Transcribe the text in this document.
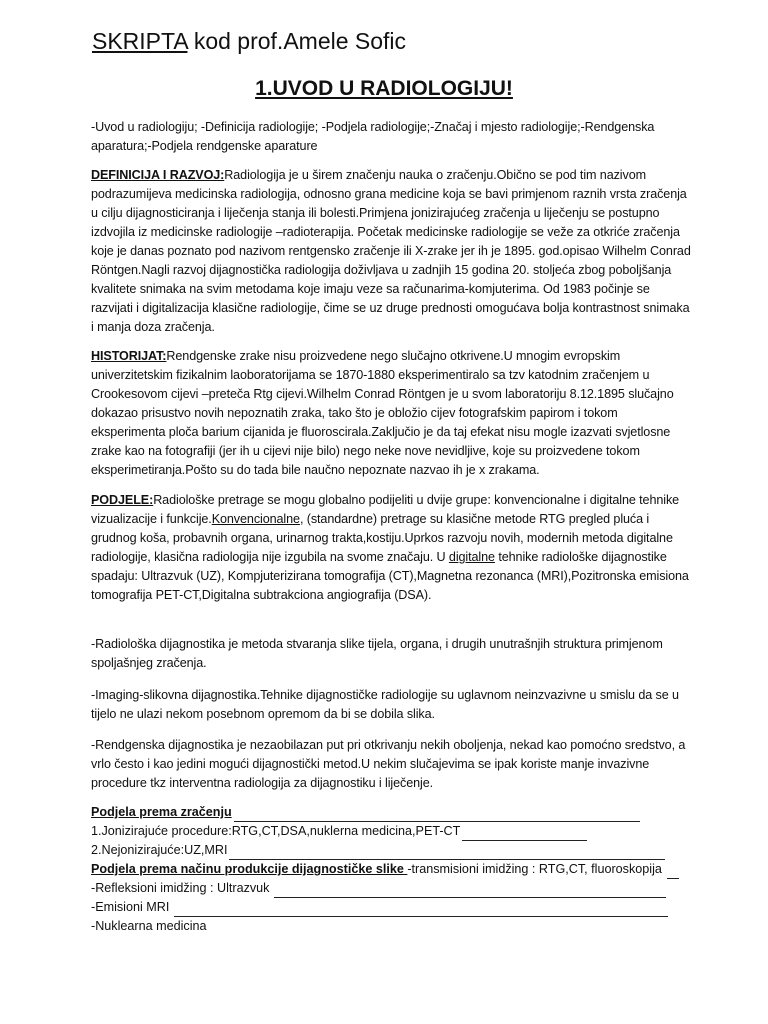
SKRIPTA kod prof.Amele Sofic
1.UVOD U RADIOLOGIJU!
-Uvod u radiologiju; -Definicija radiologije; -Podjela radiologije;-Značaj i mjesto radiologije;-Rendgenska aparatura;-Podjela rendgenske aparature
DEFINICIJA I RAZVOJ:Radiologija je u širem značenju nauka o zračenju.Obično se pod tim nazivom podrazumijeva medicinska radiologija, odnosno grana medicine koja se bavi primjenom raznih vrsta zračenja u cilju dijagnosticiranja i liječenja stanja ili bolesti.Primjena jonizirajućeg zračenja u liječenju se postupno izdvojila iz medicinske radiologije –radioterapija. Početak medicinske radiologije se veže za otkriće zračenja koje je danas poznato pod nazivom rentgensko zračenje ili X-zrake jer ih je 1895. god.opisao Wilhelm Conrad Röntgen.Nagli razvoj dijagnostička radiologija doživljava u zadnjih 15 godina 20. stoljeća zbog poboljšanja kvalitete snimaka na svim metodama koje imaju veze sa računarima-komjuterima. Od 1983 počinje se razvijati i digitalizacija klasične radiologije, čime se uz druge prednosti omogućava bolja kontrastnost snimaka i manja doza zračenja.
HISTORIJAT:Rendgenske zrake nisu proizvedene nego slučajno otkrivene.U mnogim evropskim univerzitetskim fizikalnim laoboratorijama se 1870-1880 eksperimentiralo sa tzv katodnim zračenjem u Crookesovom cijevi –preteča Rtg cijevi.Wilhelm Conrad Röntgen je u svom laboratoriju 8.12.1895 slučajno dokazao prisustvo novih nepoznatih zraka, tako što je obložio cijev fotografskim papirom i tokom eksperimenta ploča barium cijanida je fluoroscirala.Zaključio je da taj efekat nisu mogle izazvati svjetlosne zrake kao na fotografiji (jer ih u cijevi nije bilo) nego neke nove nevidljive, koje su proizvedene tokom eksperimetiranja.Pošto su do tada bile naučno nepoznate nazvao ih je x zrakama.
PODJELE:Radiološke pretrage se mogu globalno podijeliti u dvije grupe: konvencionalne i digitalne tehnike vizualizacije i funkcije.Konvencionalne, (standardne) pretrage su klasične metode RTG pregled pluća i grudnog koša, probavnih organa, urinarnog trakta,kostiju.Uprkos razvoju novih, modernih metoda digitalne radiologije, klasična radiologija nije izgubila na svome značaju. U digitalne tehnike radiološke dijagnostike spadaju: Ultrazvuk (UZ), Kompjuterizirana tomografija (CT),Magnetna rezonanca (MRI),Pozitronska emisiona tomografija PET-CT,Digitalna subtrakciona angiografija (DSA).
-Radiološka dijagnostika je metoda stvaranja slike tijela, organa, i drugih unutrašnjih struktura primjenom spoljašnjeg zračenja.
-Imaging-slikovna dijagnostika.Tehnike dijagnostičke radiologije su uglavnom neinzvazivne u smislu da se u tijelo ne ulazi nekom posebnom opremom da bi se dobila slika.
-Rendgenska dijagnostika je nezaobilazan put pri otkrivanju nekih obolјenja, nekad kao pomoćno sredstvo, a vrlo često i kao jedini mogući dijagnostički metod.U nekim slučajevima se ipak koriste manje invazivne procedure tkz interventna radiologija za dijagnostiku i liječenje.
Podjela prema zračenju
1.Jonizirajuće procedure:RTG,CT,DSA,nuklerna medicina,PET-CT
2.Nejonizirajuće:UZ,MRI
Podjela prema načinu produkcije dijagnostičke slike -transmisioni imidžing : RTG,CT, fluoroskopija
-Refleksioni imidžing : Ultrazvuk
-Emisioni MRI
-Nuklearna medicina
